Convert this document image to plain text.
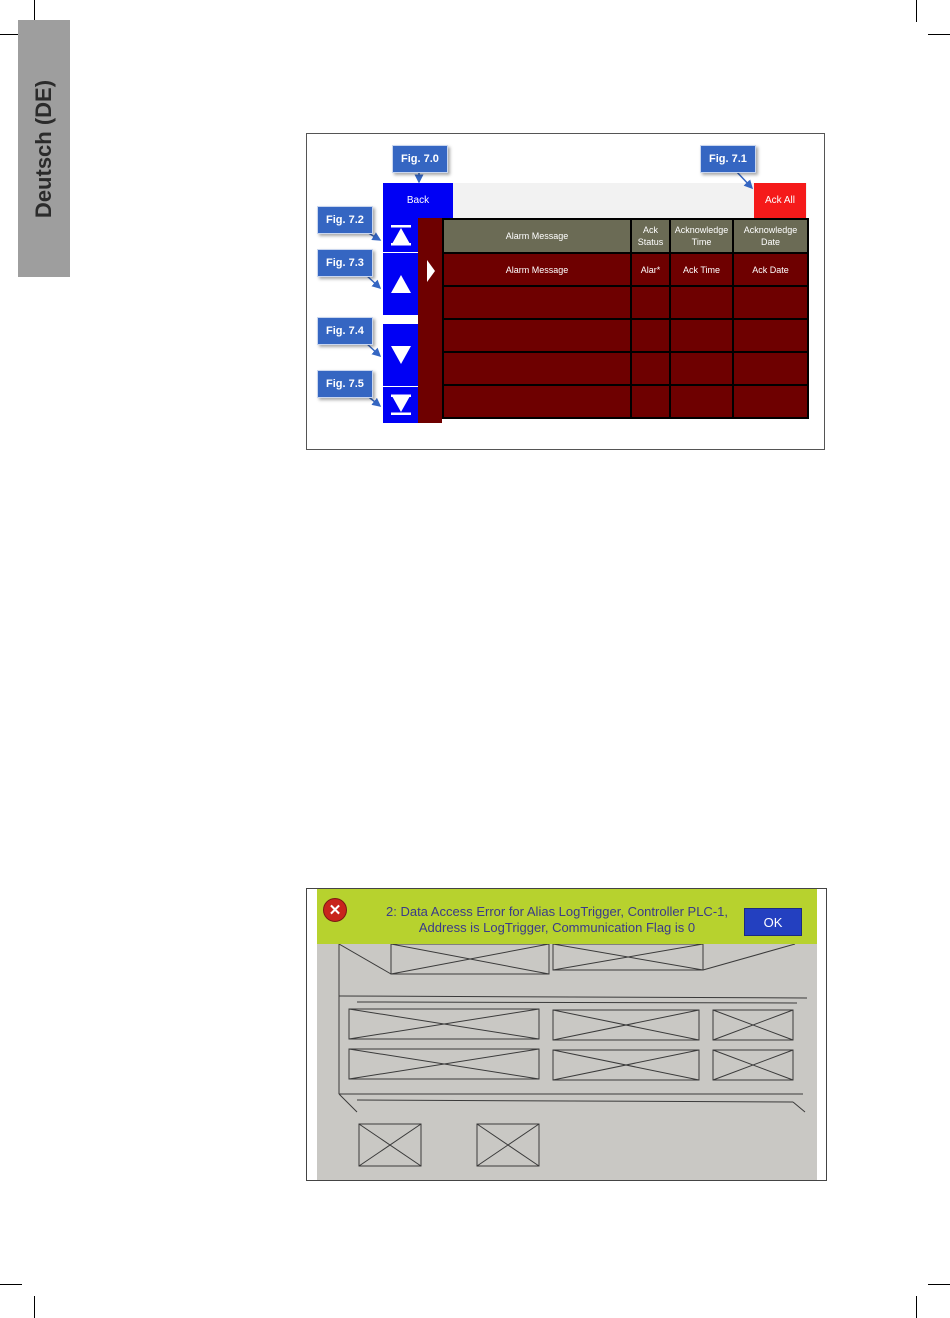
Deutsch (DE)	Back	Ack All
Alarm Message	Ack Status	Acknowledge Time	Acknowledge Date
Alarm Message	Alar*	Ack Time	Ack Date

Fig. 7.0	Fig. 7.1
Fig. 7.2
Fig. 7.3
Fig. 7.4
Fig. 7.5
✕	2: Data Access Error for Alias LogTrigger, Controller PLC-1,
Address is LogTrigger, Communication Flag is 0	OK
